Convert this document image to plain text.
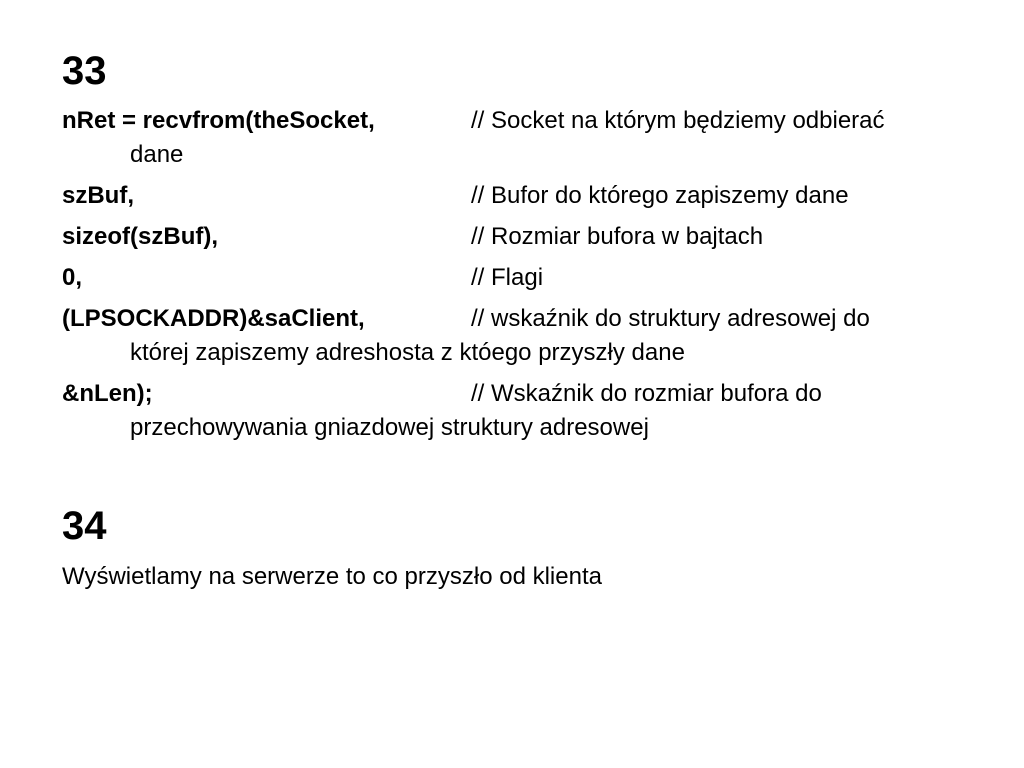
33
nRet = recvfrom(theSocket,	// Socket na którym będziemy odbierać
dane
szBuf,	// Bufor do którego zapiszemy dane
sizeof(szBuf),	// Rozmiar bufora w bajtach
0,	// Flagi
(LPSOCKADDR)&saClient,	// wskaźnik do struktury adresowej do
której zapiszemy adreshosta z któego przyszły dane
&nLen);	// Wskaźnik do rozmiar bufora do
przechowywania gniazdowej struktury adresowej
34
Wyświetlamy na serwerze to co przyszło od klienta
